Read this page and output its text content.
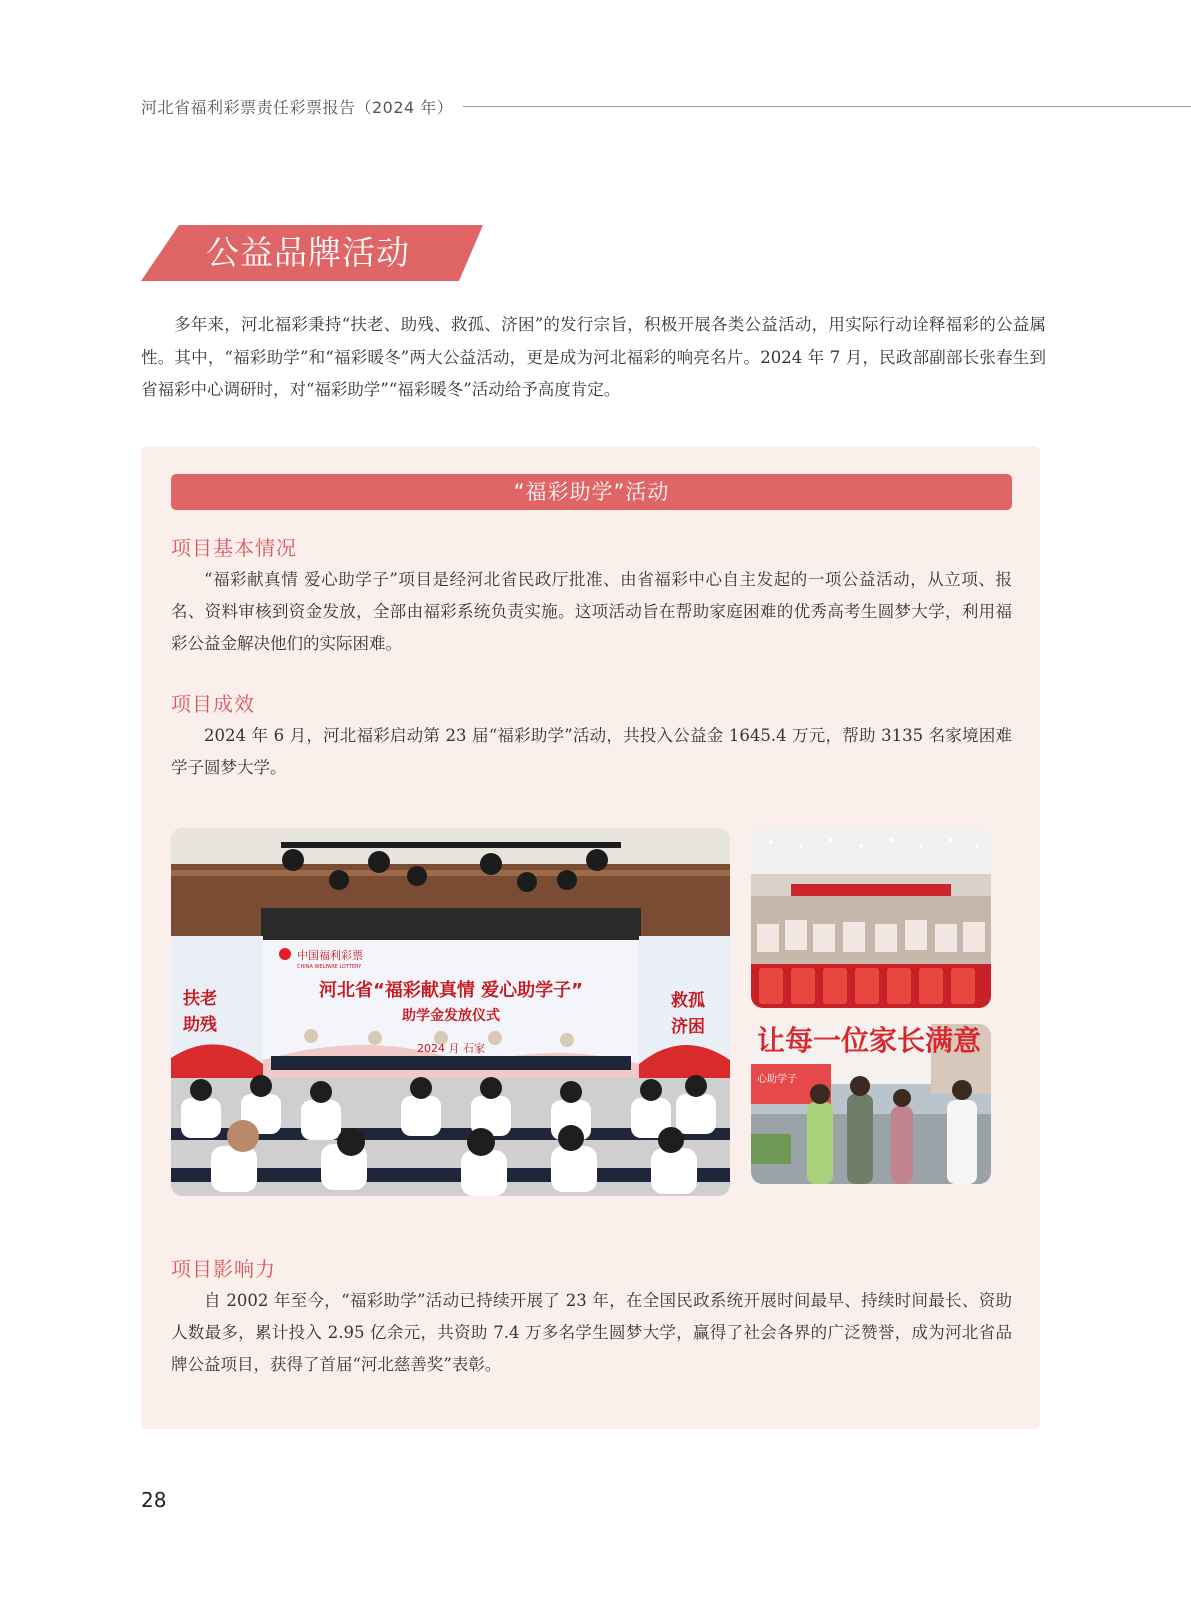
河北省福利彩票责任彩票报告（2024 年）
公益品牌活动
多年来，河北福彩秉持“扶老、助残、救孤、济困”的发行宗旨，积极开展各类公益活动，用实际行动诠释福彩的公益属性。其中，“福彩助学”和“福彩暖冬”两大公益活动，更是成为河北福彩的响亮名片。2024 年 7 月，民政部副部长张春生到省福彩中心调研时，对“福彩助学”“福彩暖冬”活动给予高度肯定。
“福彩助学”活动
项目基本情况
“福彩献真情 爱心助学子”项目是经河北省民政厅批准、由省福彩中心自主发起的一项公益活动，从立项、报名、资料审核到资金发放，全部由福彩系统负责实施。这项活动旨在帮助家庭困难的优秀高考生圆梦大学，利用福彩公益金解决他们的实际困难。
项目成效
2024 年 6 月，河北福彩启动第 23 届“福彩助学”活动，共投入公益金 1645.4 万元，帮助 3135 名家境困难学子圆梦大学。
中国福利彩票
CHINA WELFARE LOTTERY
河北省“福彩献真情 爱心助学子”
助学金发放仪式
2024 月 石家
扶老
助残
救孤
济困 让每一位家长满意
心助学子
项目影响力
自 2002 年至今，“福彩助学”活动已持续开展了 23 年，在全国民政系统开展时间最早、持续时间最长、资助人数最多，累计投入 2.95 亿余元，共资助 7.4 万多名学生圆梦大学，赢得了社会各界的广泛赞誉，成为河北省品牌公益项目，获得了首届“河北慈善奖”表彰。
28
